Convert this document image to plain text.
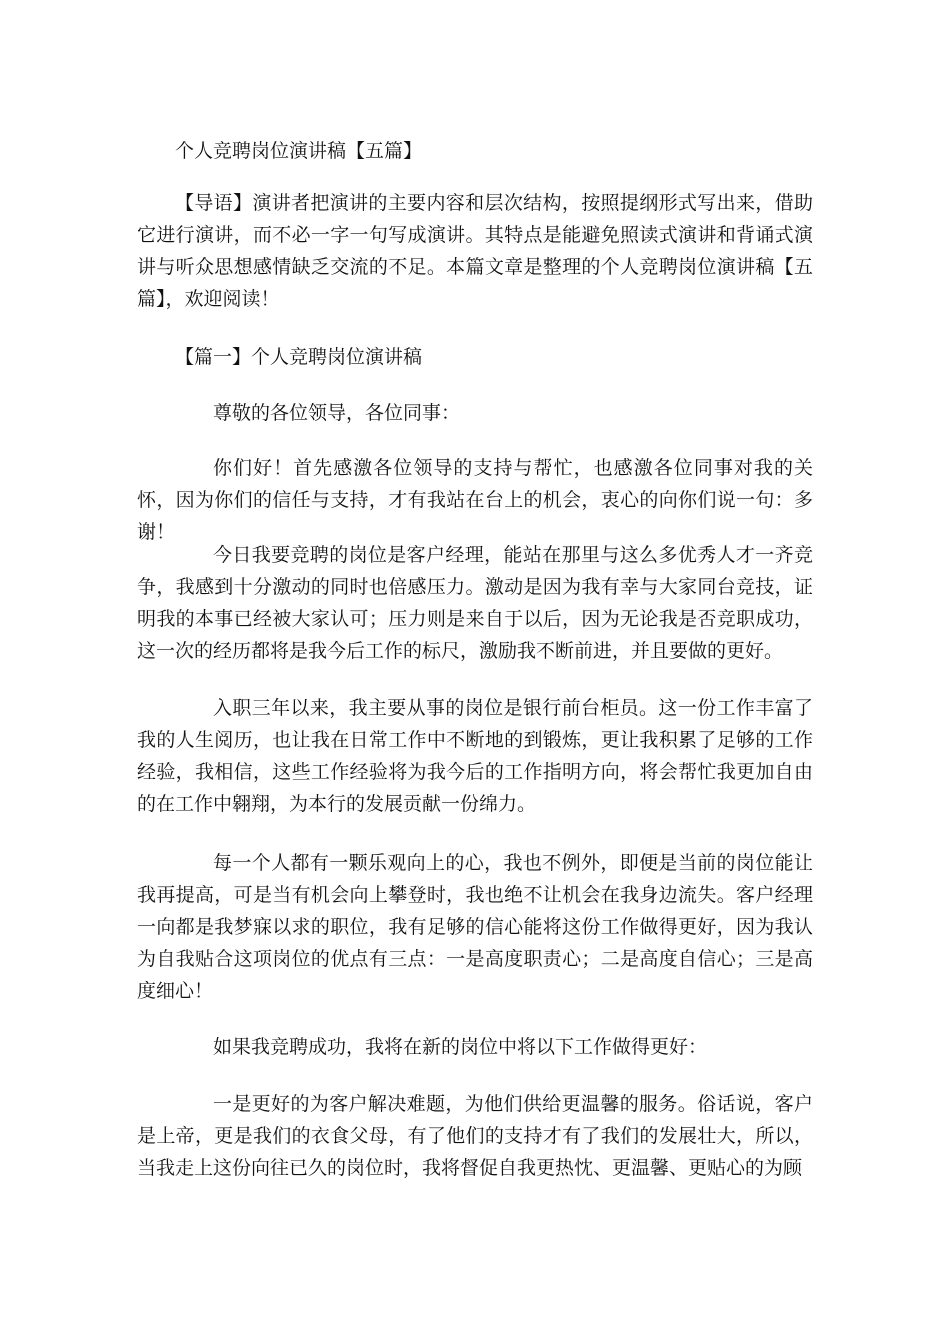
个人竞聘岗位演讲稿【五篇】

【导语】演讲者把演讲的主要内容和层次结构，按照提纲形式写出来，借助它进行演讲，而不必一字一句写成演讲。其特点是能避免照读式演讲和背诵式演讲与听众思想感情缺乏交流的不足。本篇文章是整理的个人竞聘岗位演讲稿【五篇】，欢迎阅读！

【篇一】个人竞聘岗位演讲稿

尊敬的各位领导，各位同事：

你们好！首先感激各位领导的支持与帮忙，也感激各位同事对我的关怀，因为你们的信任与支持，才有我站在台上的机会，衷心的向你们说一句：多谢！

今日我要竞聘的岗位是客户经理，能站在那里与这么多优秀人才一齐竞争，我感到十分激动的同时也倍感压力。激动是因为我有幸与大家同台竞技，证明我的本事已经被大家认可；压力则是来自于以后，因为无论我是否竞职成功，这一次的经历都将是我今后工作的标尺，激励我不断前进，并且要做的更好。

入职三年以来，我主要从事的岗位是银行前台柜员。这一份工作丰富了我的人生阅历，也让我在日常工作中不断地的到锻炼，更让我积累了足够的工作经验，我相信，这些工作经验将为我今后的工作指明方向，将会帮忙我更加自由的在工作中翱翔，为本行的发展贡献一份绵力。

每一个人都有一颗乐观向上的心，我也不例外，即便是当前的岗位能让我再提高，可是当有机会向上攀登时，我也绝不让机会在我身边流失。客户经理一向都是我梦寐以求的职位，我有足够的信心能将这份工作做得更好，因为我认为自我贴合这项岗位的优点有三点：一是高度职责心；二是高度自信心；三是高度细心！

如果我竞聘成功，我将在新的岗位中将以下工作做得更好：

一是更好的为客户解决难题，为他们供给更温馨的服务。俗话说，客户是上帝，更是我们的衣食父母，有了他们的支持才有了我们的发展壮大，所以，当我走上这份向往已久的岗位时，我将督促自我更热忱、更温馨、更贴心的为顾
